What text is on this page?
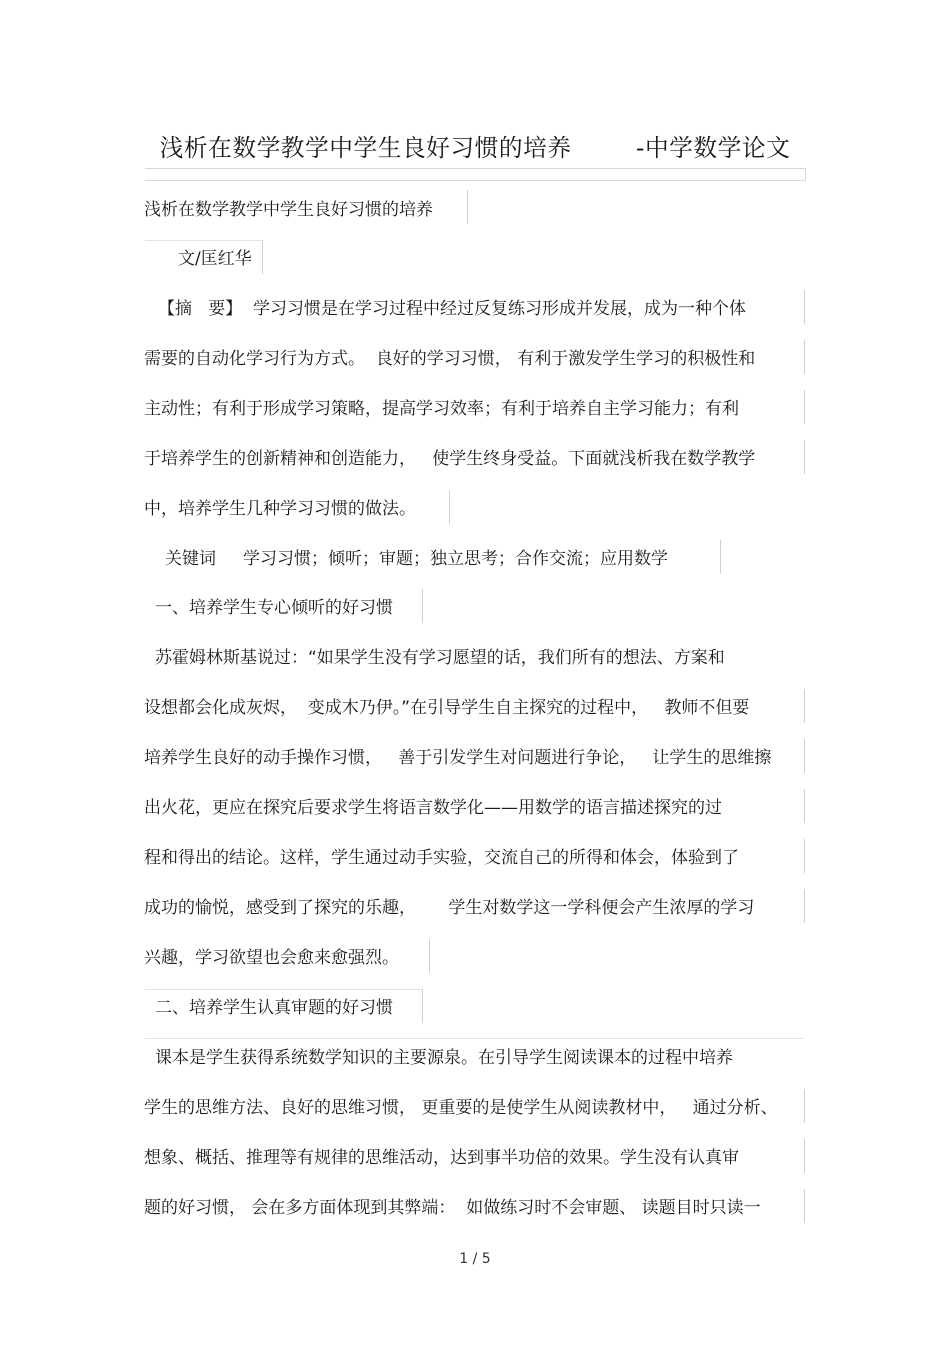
浅析在数学教学中学生良好习惯的培养        -中学数学论文
浅析在数学教学中学生良好习惯的培养
文/匡红华
【摘   要】  学习习惯是在学习过程中经过反复练习形成并发展，成为一种个体
需要的自动化学习行为方式。  良好的学习习惯， 有利于激发学生学习的积极性和
主动性；有利于形成学习策略，提高学习效率；有利于培养自主学习能力；有利
于培养学生的创新精神和创造能力，   使学生终身受益。下面就浅析我在数学教学
中，培养学生几种学习习惯的做法。
关键词     学习习惯；倾听；审题；独立思考；合作交流；应用数学
一、培养学生专心倾听的好习惯
苏霍姆林斯基说过：“如果学生没有学习愿望的话，我们所有的想法、方案和
设想都会化成灰烬，  变成木乃伊。”在引导学生自主探究的过程中，   教师不但要
培养学生良好的动手操作习惯，   善于引发学生对问题进行争论，   让学生的思维擦
出火花，更应在探究后要求学生将语言数学化——用数学的语言描述探究的过
程和得出的结论。这样，学生通过动手实验，交流自己的所得和体会，体验到了
成功的愉悦，感受到了探究的乐趣，      学生对数学这一学科便会产生浓厚的学习
兴趣，学习欲望也会愈来愈强烈。
二、培养学生认真审题的好习惯
课本是学生获得系统数学知识的主要源泉。在引导学生阅读课本的过程中培养
学生的思维方法、良好的思维习惯， 更重要的是使学生从阅读教材中，   通过分析、
想象、概括、推理等有规律的思维活动，达到事半功倍的效果。学生没有认真审
题的好习惯， 会在多方面体现到其弊端：  如做练习时不会审题、 读题目时只读一
1 / 5
